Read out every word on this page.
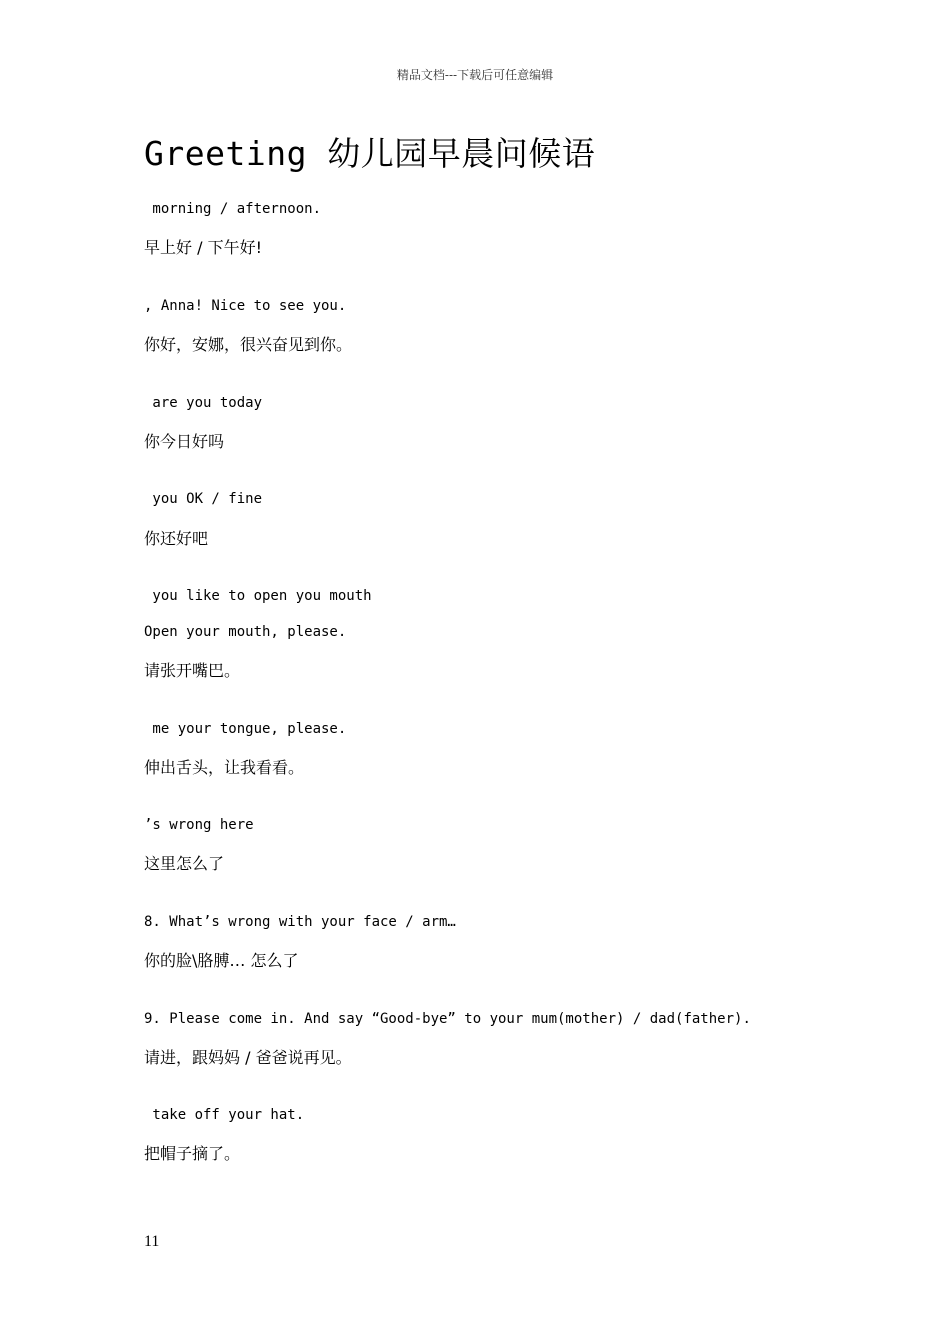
精品文档---下载后可任意编辑
Greeting 幼儿园早晨问候语
morning / afternoon.
早上好 / 下午好!
, Anna! Nice to see you.
你好，安娜，很兴奋见到你。
are you today
你今日好吗
you OK / fine
你还好吧
you like to open you mouth
Open your mouth, please.
请张开嘴巴。
me your tongue, please.
伸出舌头，让我看看。
’s wrong here
这里怎么了
8. What’s wrong with your face / arm…
你的脸\胳膊… 怎么了
9. Please come in. And say “Good-bye” to your mum(mother) / dad(father).
请进，跟妈妈 / 爸爸说再见。
take off your hat.
把帽子摘了。
11
